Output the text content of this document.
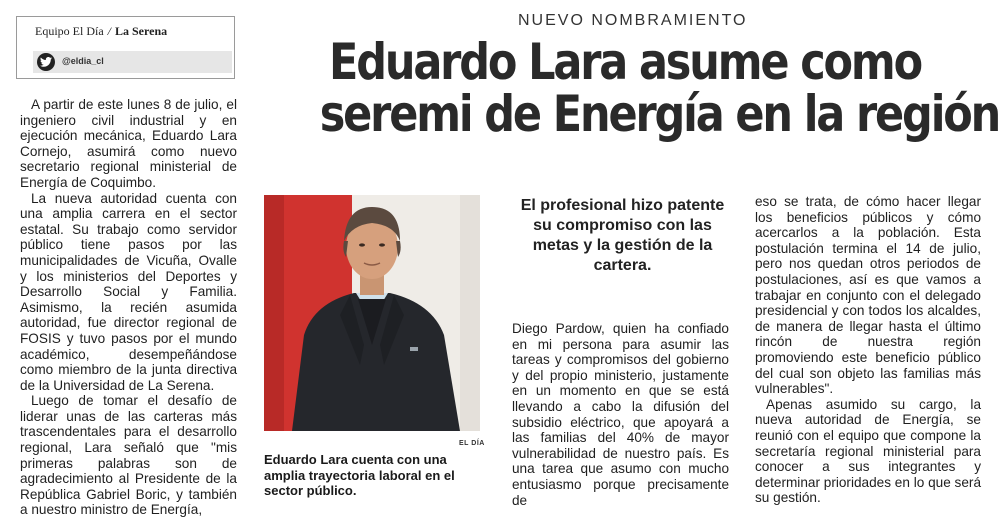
Equipo El Día / La Serena
@eldia_cl
NUEVO NOMBRAMIENTO
Eduardo Lara asume como
seremi de Energía en la región

A partir de este lunes 8 de julio, el ingeniero civil industrial y en ejecución mecánica, Eduardo Lara Cornejo, asumirá como nuevo secretario regional ministerial de Energía de Coquimbo.

La nueva autoridad cuenta con una amplia carrera en el sector estatal. Su trabajo como servidor público tiene pasos por las municipalidades de Vicuña, Ovalle y los ministerios del Deportes y Desarrollo Social y Familia. Asimismo, la recién asumida autoridad, fue director regional de FOSIS y tuvo pasos por el mundo académico, desempeñándose como miembro de la junta directiva de la Universidad de La Serena.

Luego de tomar el desafío de liderar unas de las carteras más trascendentales para el desarrollo regional, Lara señaló que "mis primeras palabras son de agradecimiento al Presidente de la República Gabriel Boric, y también a nuestro ministro de Energía,

EL DÍA
Eduardo Lara cuenta con una amplia trayectoria laboral en el sector público.
El profesional hizo patente su compromiso con las metas y la gestión de la cartera.

Diego Pardow, quien ha confiado en mi persona para asumir las tareas y compromisos del gobierno y del propio ministerio, justamente en un momento en que se está llevando a cabo la difusión del subsidio eléctrico, que apoyará a las familias del 40% de mayor vulnerabilidad de nuestro país. Es una tarea que asumo con mucho entusiasmo porque precisamente de

eso se trata, de cómo hacer llegar los beneficios públicos y cómo acercarlos a la población. Esta postulación termina el 14 de julio, pero nos quedan otros periodos de postulaciones, así es que vamos a trabajar en conjunto con el delegado presidencial y con todos los alcaldes, de manera de llegar hasta el último rincón de nuestra región promoviendo este beneficio público del cual son objeto las familias más vulnerables".

Apenas asumido su cargo, la nueva autoridad de Energía, se reunió con el equipo que compone la secretaría regional ministerial para conocer a sus integrantes y determinar prioridades en lo que será su gestión.
